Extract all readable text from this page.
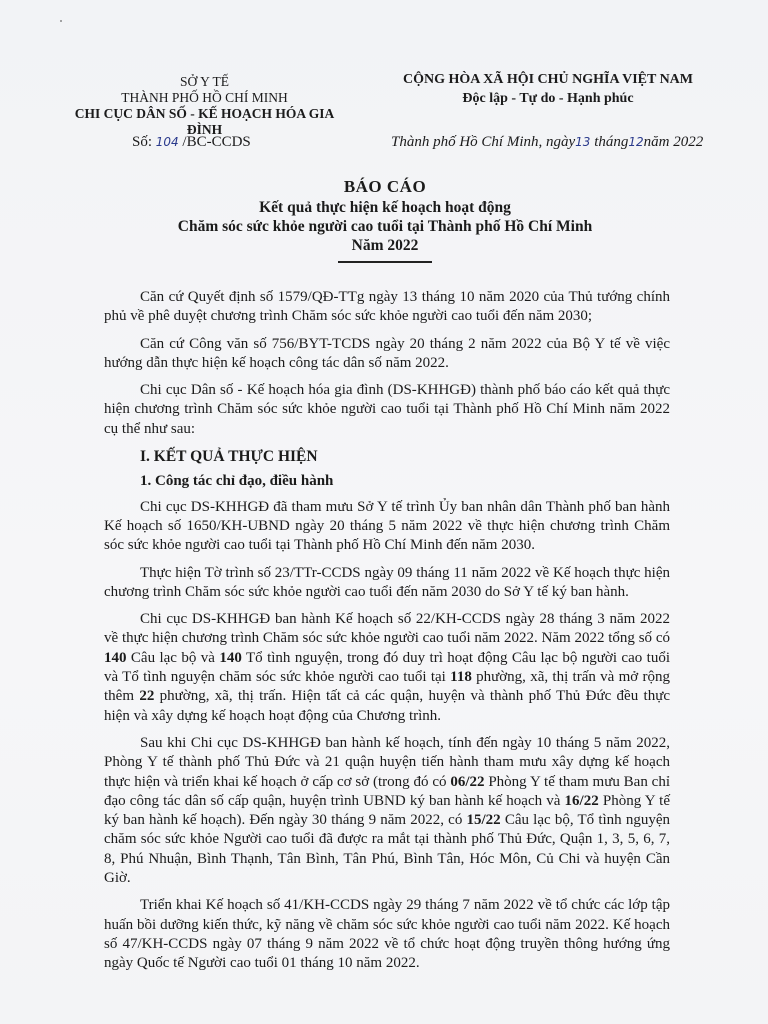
SỞ Y TẾ
THÀNH PHỐ HỒ CHÍ MINH
CHI CỤC DÂN SỐ - KẾ HOẠCH HÓA GIA ĐÌNH
CỘNG HÒA XÃ HỘI CHỦ NGHĨA VIỆT NAM
Độc lập - Tự do - Hạnh phúc
Số: 104 /BC-CCDS	Thành phố Hồ Chí Minh, ngày13 tháng12năm 2022
BÁO CÁO
Kết quả thực hiện kế hoạch hoạt động
Chăm sóc sức khỏe người cao tuổi tại Thành phố Hồ Chí Minh
Năm 2022

Căn cứ Quyết định số 1579/QĐ-TTg ngày 13 tháng 10 năm 2020 của Thủ tướng chính phủ về phê duyệt chương trình Chăm sóc sức khỏe người cao tuổi đến năm 2030;

Căn cứ Công văn số 756/BYT-TCDS ngày 20 tháng 2 năm 2022 của Bộ Y tế về việc hướng dẫn thực hiện kế hoạch công tác dân số năm 2022.

Chi cục Dân số - Kế hoạch hóa gia đình (DS-KHHGĐ) thành phố báo cáo kết quả thực hiện chương trình Chăm sóc sức khỏe người cao tuổi tại Thành phố Hồ Chí Minh năm 2022 cụ thể như sau:

I. KẾT QUẢ THỰC HIỆN
1. Công tác chỉ đạo, điều hành

Chi cục DS-KHHGĐ đã tham mưu Sở Y tế trình Ủy ban nhân dân Thành phố ban hành Kế hoạch số 1650/KH-UBND ngày 20 tháng 5 năm 2022 về thực hiện chương trình Chăm sóc sức khỏe người cao tuổi tại Thành phố Hồ Chí Minh đến năm 2030.

Thực hiện Tờ trình số 23/TTr-CCDS ngày 09 tháng 11 năm 2022 về Kế hoạch thực hiện chương trình Chăm sóc sức khỏe người cao tuổi đến năm 2030 do Sở Y tế ký ban hành.

Chi cục DS-KHHGĐ ban hành Kế hoạch số 22/KH-CCDS ngày 28 tháng 3 năm 2022 về thực hiện chương trình Chăm sóc sức khỏe người cao tuổi năm 2022. Năm 2022 tổng số có 140 Câu lạc bộ và 140 Tổ tình nguyện, trong đó duy trì hoạt động Câu lạc bộ người cao tuổi và Tổ tình nguyện chăm sóc sức khỏe người cao tuổi tại 118 phường, xã, thị trấn và mở rộng thêm 22 phường, xã, thị trấn. Hiện tất cả các quận, huyện và thành phố Thủ Đức đều thực hiện và xây dựng kế hoạch hoạt động của Chương trình.

Sau khi Chi cục DS-KHHGĐ ban hành kế hoạch, tính đến ngày 10 tháng 5 năm 2022, Phòng Y tế thành phố Thủ Đức và 21 quận huyện tiến hành tham mưu xây dựng kế hoạch thực hiện và triển khai kế hoạch ở cấp cơ sở (trong đó có 06/22 Phòng Y tế tham mưu Ban chỉ đạo công tác dân số cấp quận, huyện trình UBND ký ban hành kế hoạch và 16/22 Phòng Y tế ký ban hành kế hoạch). Đến ngày 30 tháng 9 năm 2022, có 15/22 Câu lạc bộ, Tổ tình nguyện chăm sóc sức khỏe Người cao tuổi đã được ra mắt tại thành phố Thủ Đức, Quận 1, 3, 5, 6, 7, 8, Phú Nhuận, Bình Thạnh, Tân Bình, Tân Phú, Bình Tân, Hóc Môn, Củ Chi và huyện Cần Giờ.

Triển khai Kế hoạch số 41/KH-CCDS ngày 29 tháng 7 năm 2022 về tổ chức các lớp tập huấn bồi dưỡng kiến thức, kỹ năng về chăm sóc sức khỏe người cao tuổi năm 2022. Kế hoạch số 47/KH-CCDS ngày 07 tháng 9 năm 2022 về tổ chức hoạt động truyền thông hướng ứng ngày Quốc tế Người cao tuổi 01 tháng 10 năm 2022.
